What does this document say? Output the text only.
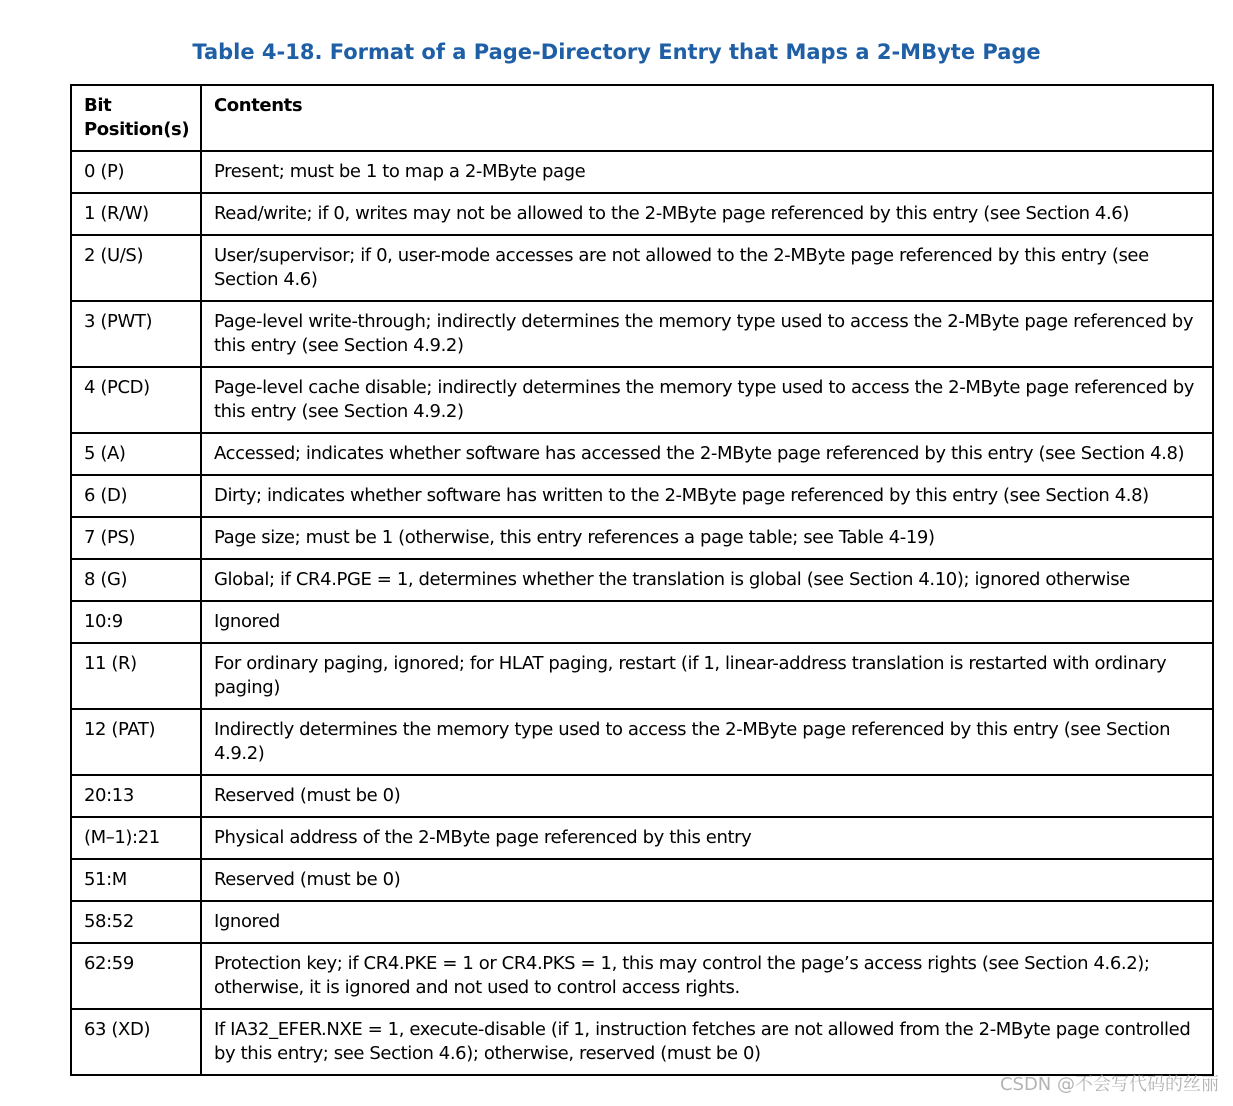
Table 4-18. Format of a Page-Directory Entry that Maps a 2-MByte Page
Bit Position(s)	Contents
0 (P)	Present; must be 1 to map a 2-MByte page
1 (R/W)	Read/write; if 0, writes may not be allowed to the 2-MByte page referenced by this entry (see Section 4.6)
2 (U/S)	User/supervisor; if 0, user-mode accesses are not allowed to the 2-MByte page referenced by this entry (see Section 4.6)
3 (PWT)	Page-level write-through; indirectly determines the memory type used to access the 2-MByte page referenced by this entry (see Section 4.9.2)
4 (PCD)	Page-level cache disable; indirectly determines the memory type used to access the 2-MByte page referenced by this entry (see Section 4.9.2)
5 (A)	Accessed; indicates whether software has accessed the 2-MByte page referenced by this entry (see Section 4.8)
6 (D)	Dirty; indicates whether software has written to the 2-MByte page referenced by this entry (see Section 4.8)
7 (PS)	Page size; must be 1 (otherwise, this entry references a page table; see Table 4-19)
8 (G)	Global; if CR4.PGE = 1, determines whether the translation is global (see Section 4.10); ignored otherwise
10:9	Ignored
11 (R)	For ordinary paging, ignored; for HLAT paging, restart (if 1, linear-address translation is restarted with ordinary paging)
12 (PAT)	Indirectly determines the memory type used to access the 2-MByte page referenced by this entry (see Section 4.9.2)
20:13	Reserved (must be 0)
(M–1):21	Physical address of the 2-MByte page referenced by this entry
51:M	Reserved (must be 0)
58:52	Ignored
62:59	Protection key; if CR4.PKE = 1 or CR4.PKS = 1, this may control the page’s access rights (see Section 4.6.2); otherwise, it is ignored and not used to control access rights.
63 (XD)	If IA32_EFER.NXE = 1, execute-disable (if 1, instruction fetches are not allowed from the 2-MByte page controlled by this entry; see Section 4.6); otherwise, reserved (must be 0)
CSDN @不会写代码的丝丽
